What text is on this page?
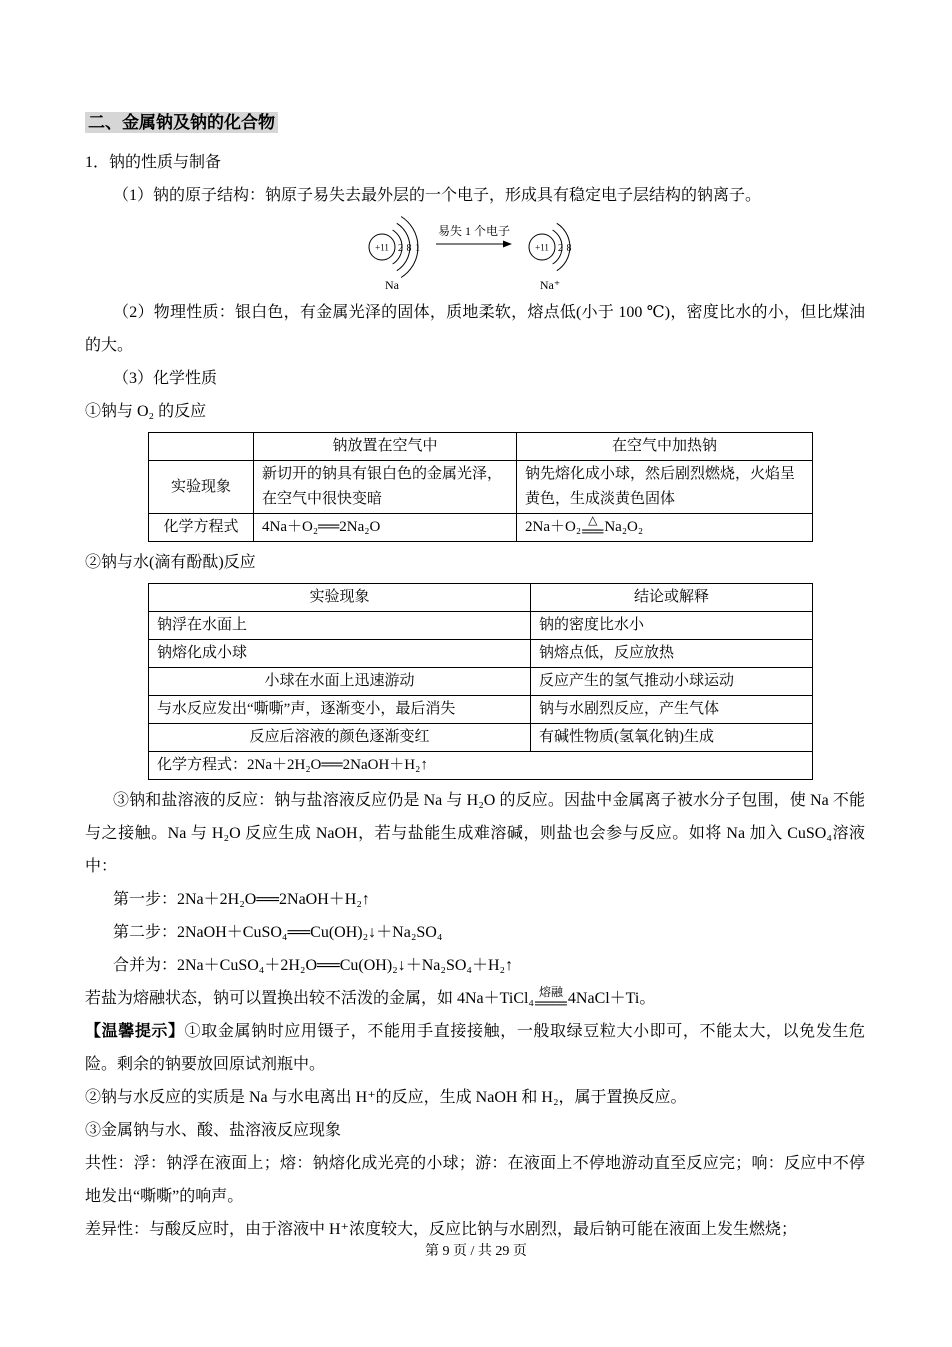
二、金属钠及钠的化合物

1．钠的性质与制备

（1）钠的原子结构：钠原子易失去最外层的一个电子，形成具有稳定电子层结构的钠离子。

+11 2 8 1
Na
易失 1 个电子
+11 2 8
Na⁺

（2）物理性质：银白色，有金属光泽的固体，质地柔软，熔点低(小于 100 ℃)，密度比水的小，但比煤油的大。

（3）化学性质

①钠与 O₂ 的反应

	钠放置在空气中	在空气中加热钠
实验现象	新切开的钠具有银白色的金属光泽，在空气中很快变暗	钠先熔化成小球，然后剧烈燃烧，火焰呈黄色，生成淡黄色固体
化学方程式	4Na＋O₂══2Na₂O	2Na＋O₂ △
══ Na₂O₂

②钠与水(滴有酚酞)反应

实验现象	结论或解释
钠浮在水面上	钠的密度比水小
钠熔化成小球	钠熔点低，反应放热
小球在水面上迅速游动	反应产生的氢气推动小球运动
与水反应发出“嘶嘶”声，逐渐变小，最后消失	钠与水剧烈反应，产生气体
反应后溶液的颜色逐渐变红	有碱性物质(氢氧化钠)生成
化学方程式：2Na＋2H₂O══2NaOH＋H₂↑	

③钠和盐溶液的反应：钠与盐溶液反应仍是 Na 与 H₂O 的反应。因盐中金属离子被水分子包围，使 Na 不能与之接触。Na 与 H₂O 反应生成 NaOH，若与盐能生成难溶碱，则盐也会参与反应。如将 Na 加入 CuSO₄溶液中：

第一步：2Na＋2H₂O══2NaOH＋H₂↑

第二步：2NaOH＋CuSO₄══Cu(OH)₂↓＋Na₂SO₄

合并为：2Na＋CuSO₄＋2H₂O══Cu(OH)₂↓＋Na₂SO₄＋H₂↑

若盐为熔融状态，钠可以置换出较不活泼的金属，如 4Na＋TiCl₄ 熔融
═══ 4NaCl＋Ti。

【温馨提示】①取金属钠时应用镊子，不能用手直接接触，一般取绿豆粒大小即可，不能太大，以免发生危险。剩余的钠要放回原试剂瓶中。

②钠与水反应的实质是 Na 与水电离出 H⁺的反应，生成 NaOH 和 H₂，属于置换反应。

③金属钠与水、酸、盐溶液反应现象

共性：浮：钠浮在液面上；熔：钠熔化成光亮的小球；游：在液面上不停地游动直至反应完；响：反应中不停地发出“嘶嘶”的响声。

差异性：与酸反应时，由于溶液中 H⁺浓度较大，反应比钠与水剧烈，最后钠可能在液面上发生燃烧；

第 9 页 / 共 29 页
